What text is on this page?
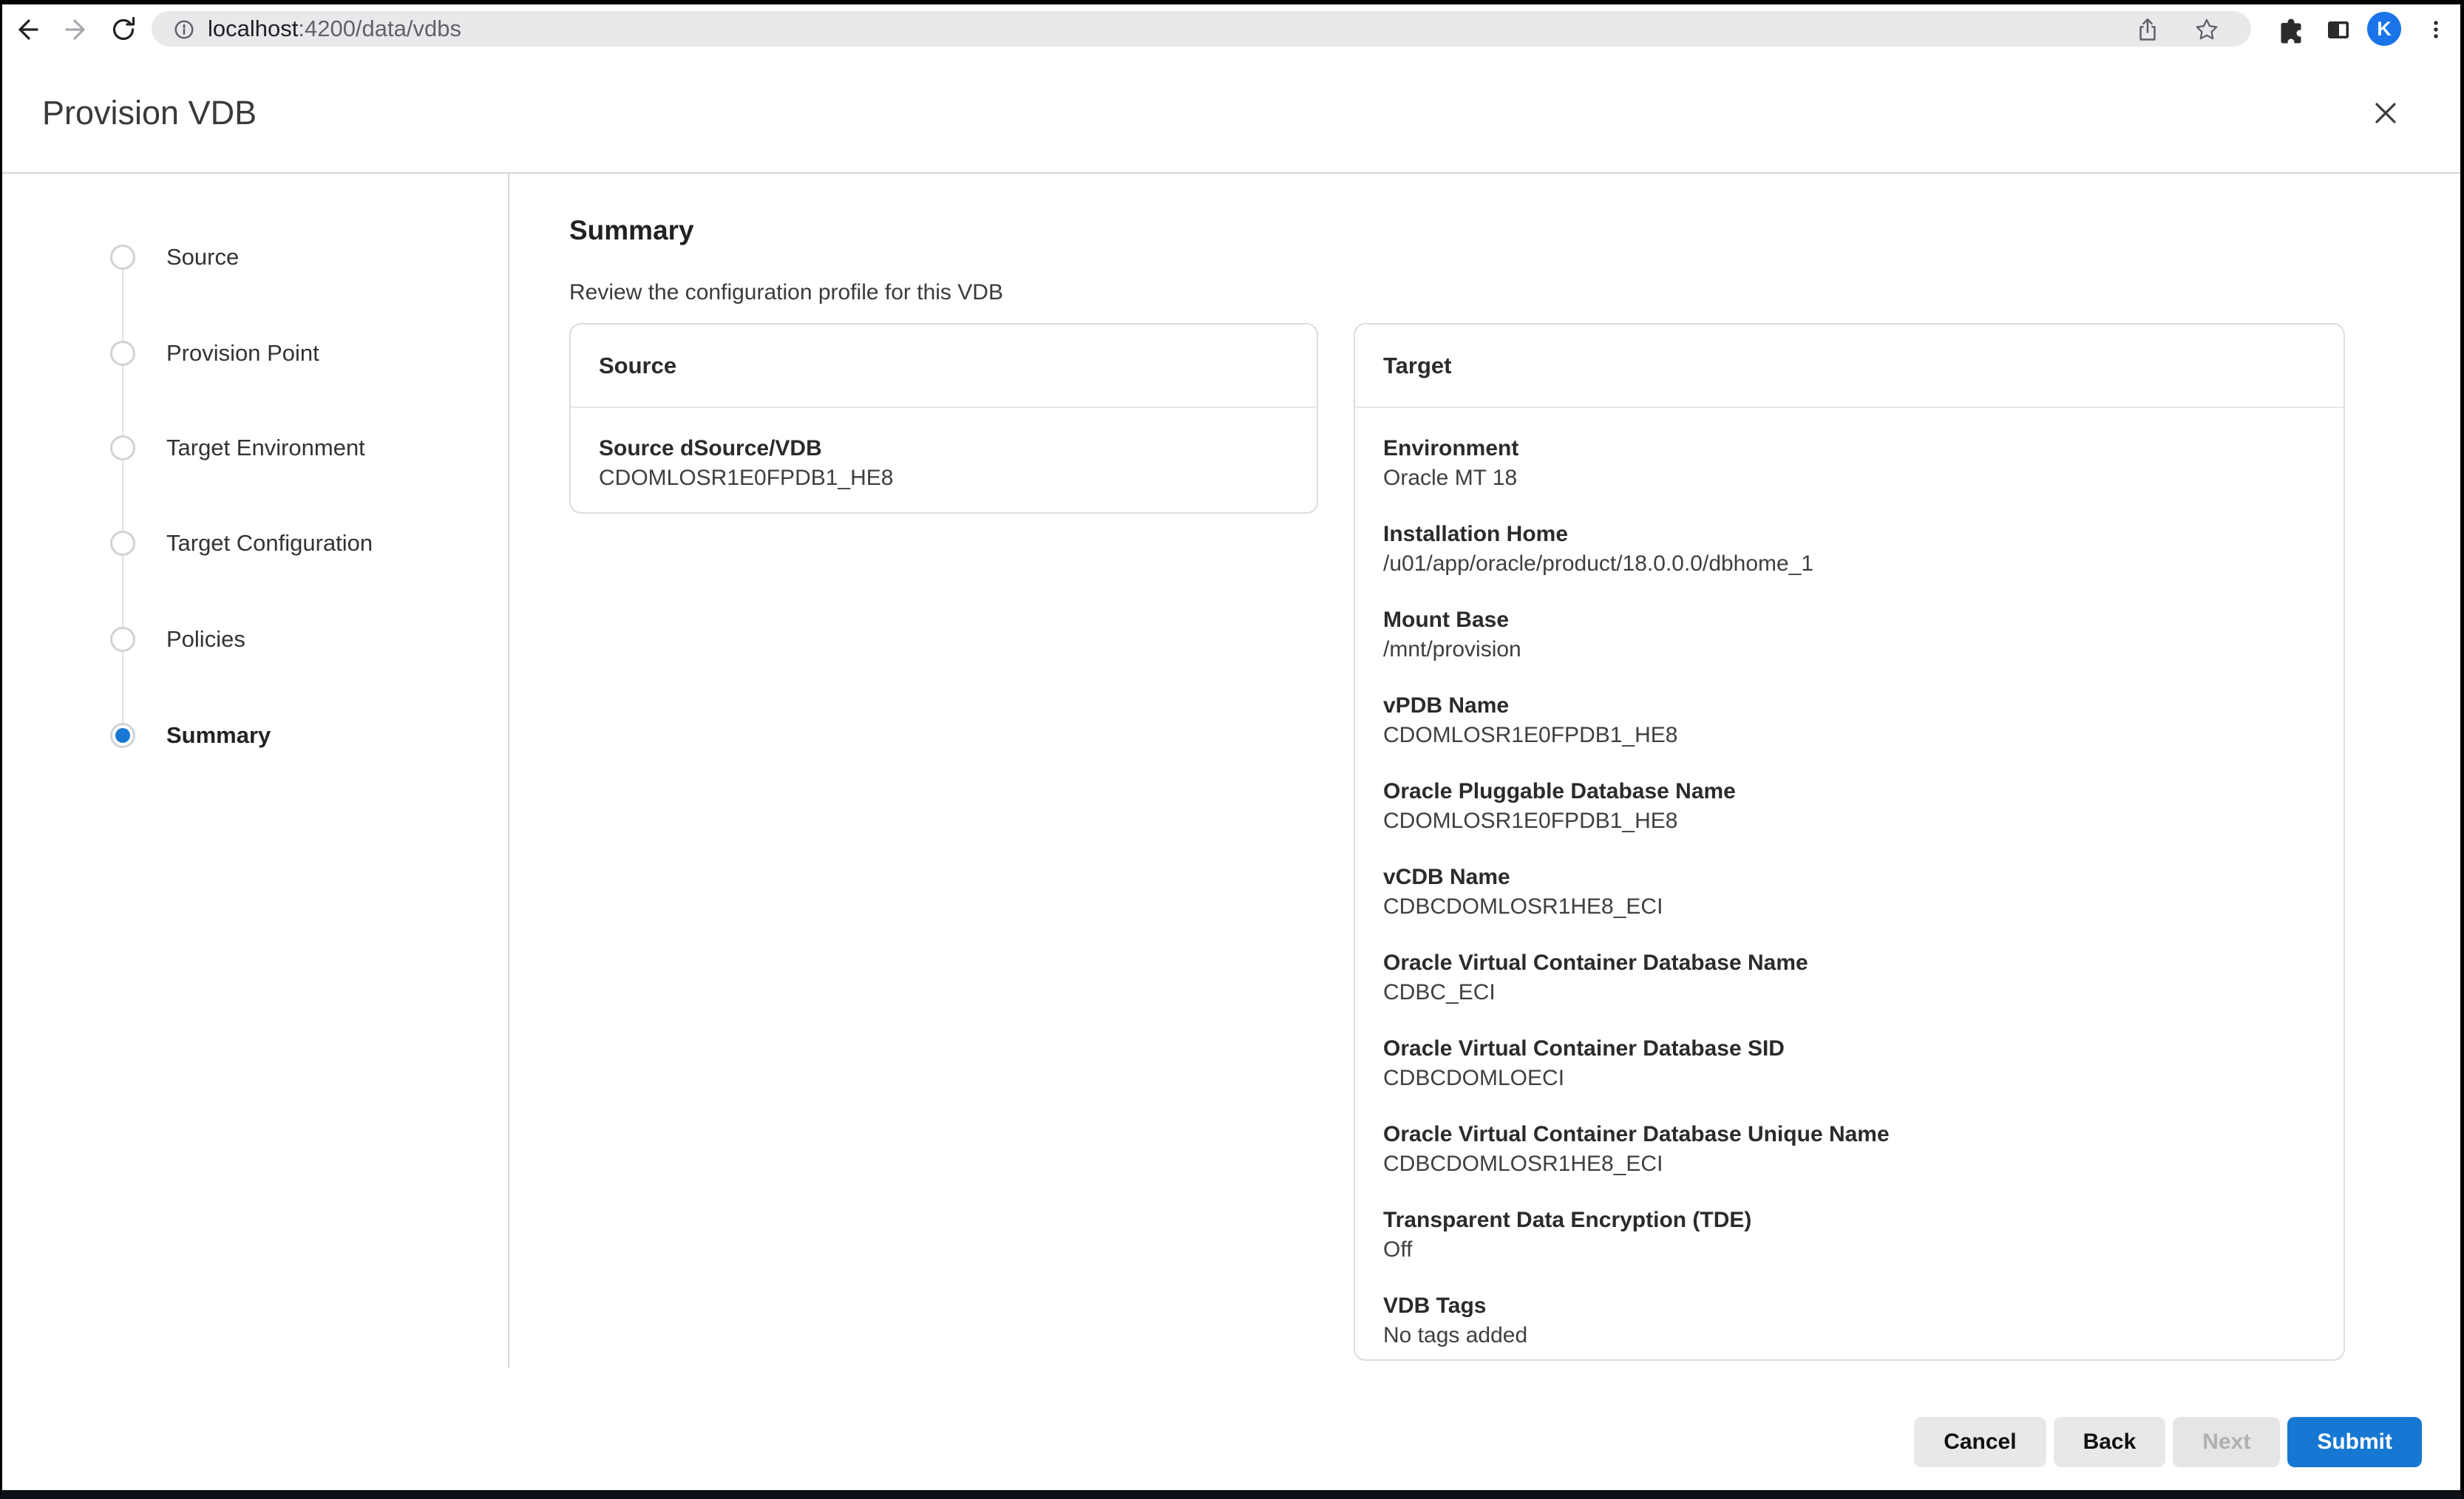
localhost:4200/data/vdbs	K
Provision VDB
Source
Provision Point
Target Environment
Target Configuration
Policies
Summary
Summary
Review the configuration profile for this VDB
Source
Source dSource/VDB
CDOMLOSR1E0FPDB1_HE8
Target
Environment
Oracle MT 18
Installation Home
/u01/app/oracle/product/18.0.0.0/dbhome_1
Mount Base
/mnt/provision
vPDB Name
CDOMLOSR1E0FPDB1_HE8
Oracle Pluggable Database Name
CDOMLOSR1E0FPDB1_HE8
vCDB Name
CDBCDOMLOSR1HE8_ECI
Oracle Virtual Container Database Name
CDBC_ECI
Oracle Virtual Container Database SID
CDBCDOMLOECI
Oracle Virtual Container Database Unique Name
CDBCDOMLOSR1HE8_ECI
Transparent Data Encryption (TDE)
Off
VDB Tags
No tags added
Cancel	Back	Next	Submit
